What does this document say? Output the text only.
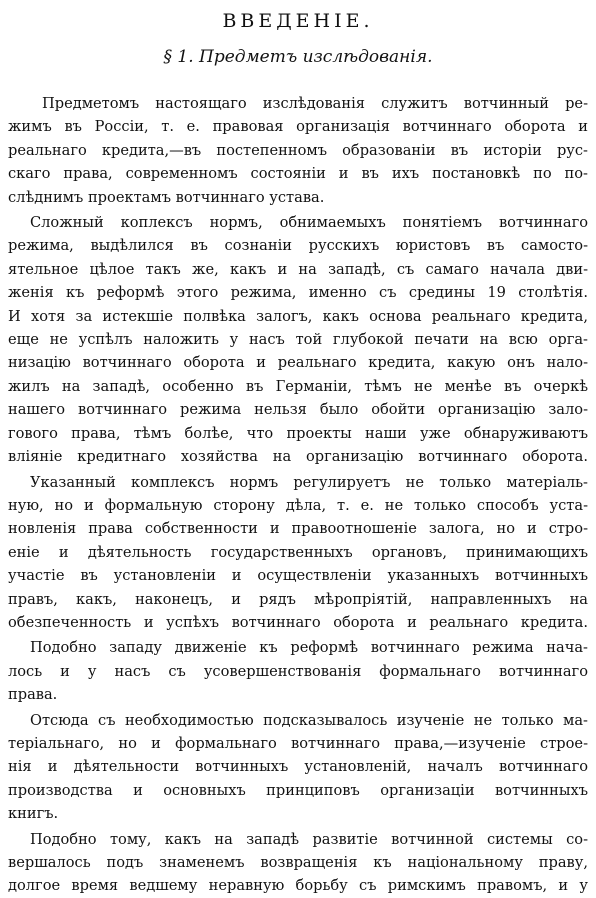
ВВЕДЕНІЕ.
§ 1. Предметъ изслѣдованія.
Предметомъ настоящаго изслѣдованія служитъ вотчинный ре-
жимъ въ Россіи, т. е. правовая организація вотчиннаго оборота и
реальнаго кредита,—въ постепенномъ образованіи въ исторіи рус-
скаго права, современномъ состояніи и въ ихъ постановкѣ по по-
слѣднимъ проектамъ вотчиннаго устава.
Сложный коплексъ нормъ, обнимаемыхъ понятіемъ вотчиннаго
режима, выдѣлился въ сознаніи русскихъ юристовъ въ самосто-
ятельное цѣлое такъ же, какъ и на западѣ, съ самаго начала дви-
женія къ реформѣ этого режима, именно съ средины 19 столѣтія.
И хотя за истекшіе полвѣка залогъ, какъ основа реальнаго кредита,
еще не успѣлъ наложить у насъ той глубокой печати на всю орга-
низацію вотчиннаго оборота и реальнаго кредита, какую онъ нало-
жилъ на западѣ, особенно въ Германіи, тѣмъ не менѣе въ очеркѣ
нашего вотчиннаго режима нельзя было обойти организацію зало-
гового права, тѣмъ болѣе, что проекты наши уже обнаруживаютъ
вліяніе кредитнаго хозяйства на организацію вотчиннаго оборота.
Указанный комплексъ нормъ регулируетъ не только матеріаль-
ную, но и формальную сторону дѣла, т. е. не только способъ уста-
новленія права собственности и правоотношеніе залога, но и стро-
еніе и дѣятельность государственныхъ органовъ, принимающихъ
участіе въ установленіи и осуществленіи указанныхъ вотчинныхъ
правъ, какъ, наконецъ, и рядъ мѣропріятій, направленныхъ на
обезпеченность и успѣхъ вотчиннаго оборота и реальнаго кредита.
Подобно западу движеніе къ реформѣ вотчиннаго режима нача-
лось и у насъ съ усовершенствованія формальнаго вотчиннаго
права.
Отсюда съ необходимостью подсказывалось изученіе не только ма-
теріальнаго, но и формальнаго вотчиннаго права,—изученіе строе-
нія и дѣятельности вотчинныхъ установленій, началъ вотчиннаго
производства и основныхъ принциповъ организаціи вотчинныхъ
книгъ.
Подобно тому, какъ на западѣ развитіе вотчинной системы со-
вершалось подъ знаменемъ возвращенія къ національному праву,
долгое время ведшему неравную борьбу съ римскимъ правомъ, и у
